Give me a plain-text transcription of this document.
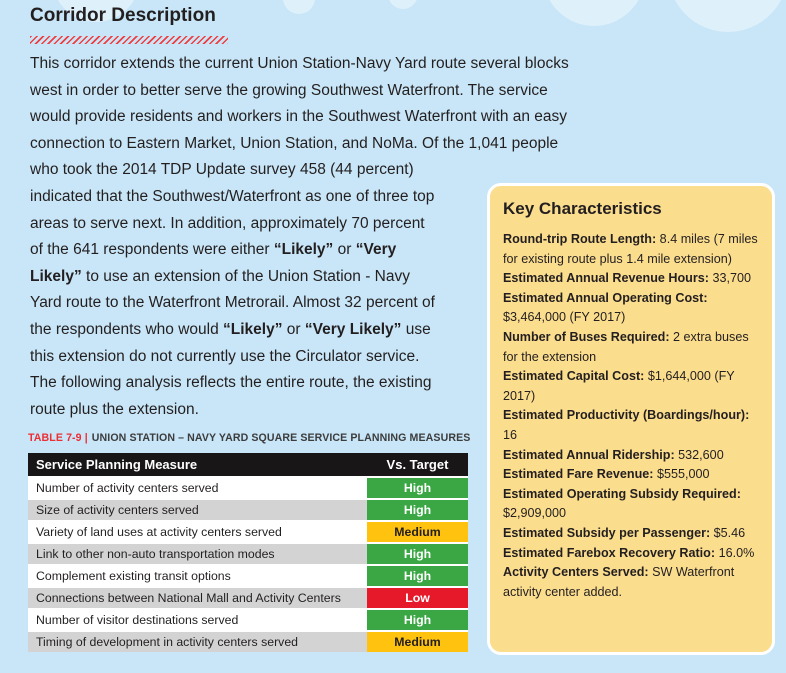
Corridor Description
This corridor extends the current Union Station-Navy Yard route several blocks
west in order to better serve the growing Southwest Waterfront. The service
would provide residents and workers in the Southwest Waterfront with an easy
connection to Eastern Market, Union Station, and NoMa. Of the 1,041 people
who took the 2014 TDP Update survey 458 (44 percent)
indicated that the Southwest/Waterfront as one of three top
areas to serve next. In addition, approximately 70 percent
of the 641 respondents were either “Likely” or “Very
Likely” to use an extension of the Union Station - Navy
Yard route to the Waterfront Metrorail. Almost 32 percent of
the respondents who would “Likely” or “Very Likely” use
this extension do not currently use the Circulator service.
The following analysis reflects the entire route, the existing
route plus the extension.
Key Characteristics
Round-trip Route Length: 8.4 miles (7 miles for existing route plus 1.4 mile extension)
Estimated Annual Revenue Hours: 33,700
Estimated Annual Operating Cost: $3,464,000 (FY 2017)
Number of Buses Required: 2 extra buses for the extension
Estimated Capital Cost: $1,644,000 (FY 2017)
Estimated Productivity (Boardings/hour): 16
Estimated Annual Ridership: 532,600
Estimated Fare Revenue: $555,000
Estimated Operating Subsidy Required: $2,909,000
Estimated Subsidy per Passenger: $5.46
Estimated Farebox Recovery Ratio: 16.0%
Activity Centers Served: SW Waterfront activity center added.
TABLE 7-9 | UNION STATION – NAVY YARD SQUARE SERVICE PLANNING MEASURES
Service Planning Measure	Vs. Target
Number of activity centers served	High
Size of activity centers served	High
Variety of land uses at activity centers served	Medium
Link to other non-auto transportation modes	High
Complement existing transit options	High
Connections between National Mall and Activity Centers	Low
Number of visitor destinations served	High
Timing of development in activity centers served	Medium
